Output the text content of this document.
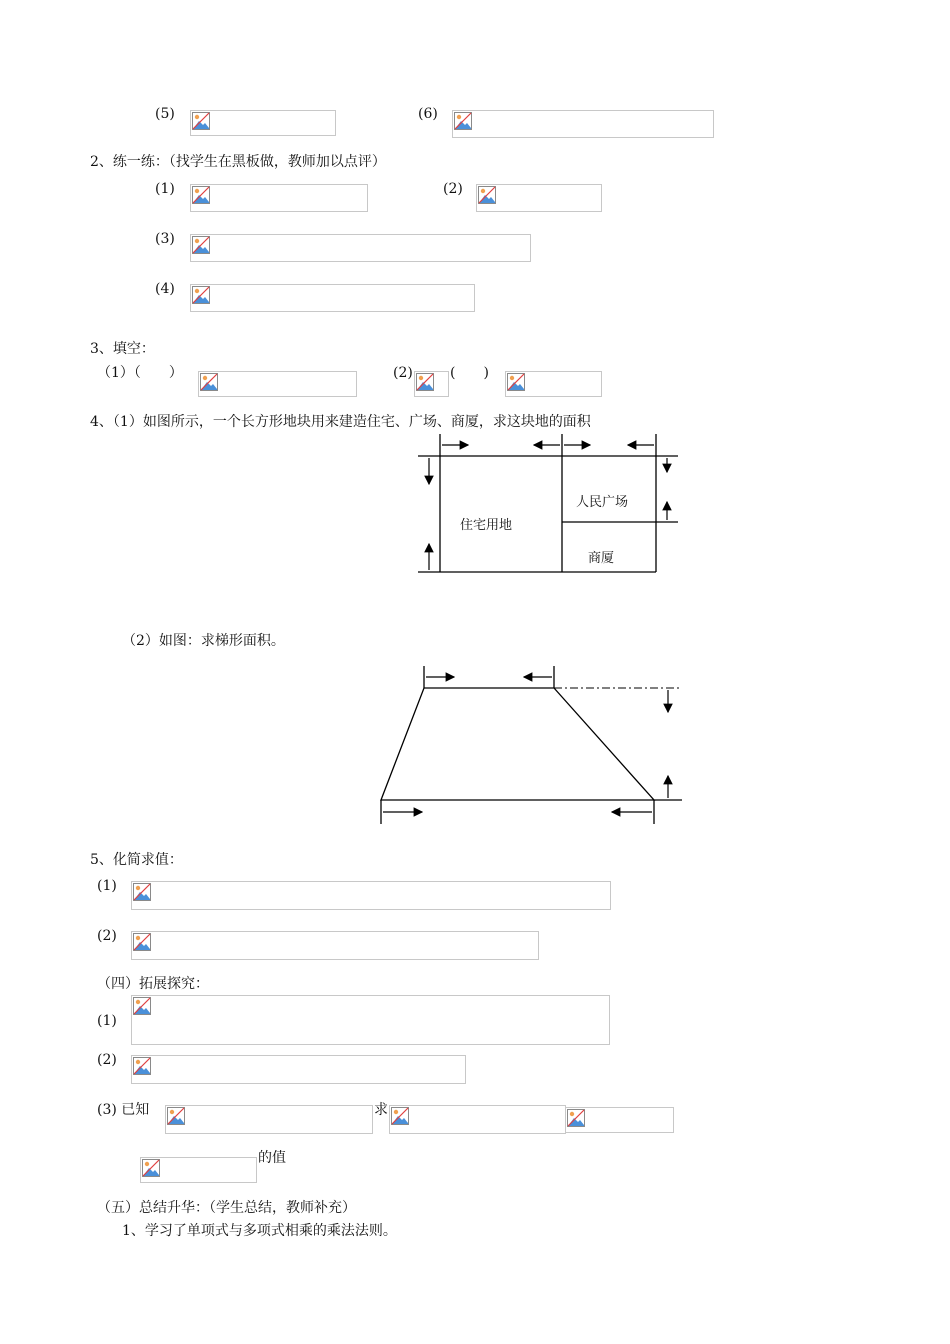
(5)	(6)
2、练一练：（找学生在黑板做，教师加以点评）
(1)	(2)
(3)
(4)
3、填空：
（1）（　　）	(2)	(　　)
4、（1）如图所示，一个长方形地块用来建造住宅、广场、商厦，求这块地的面积
住宅用地
人民广场
商厦
（2）如图：求梯形面积。
5、化简求值：
(1)
(2)
（四）拓展探究：
(1)
(2)
(3) 已知	求
的值
（五）总结升华：（学生总结，教师补充）
1、学习了单项式与多项式相乘的乘法法则。
